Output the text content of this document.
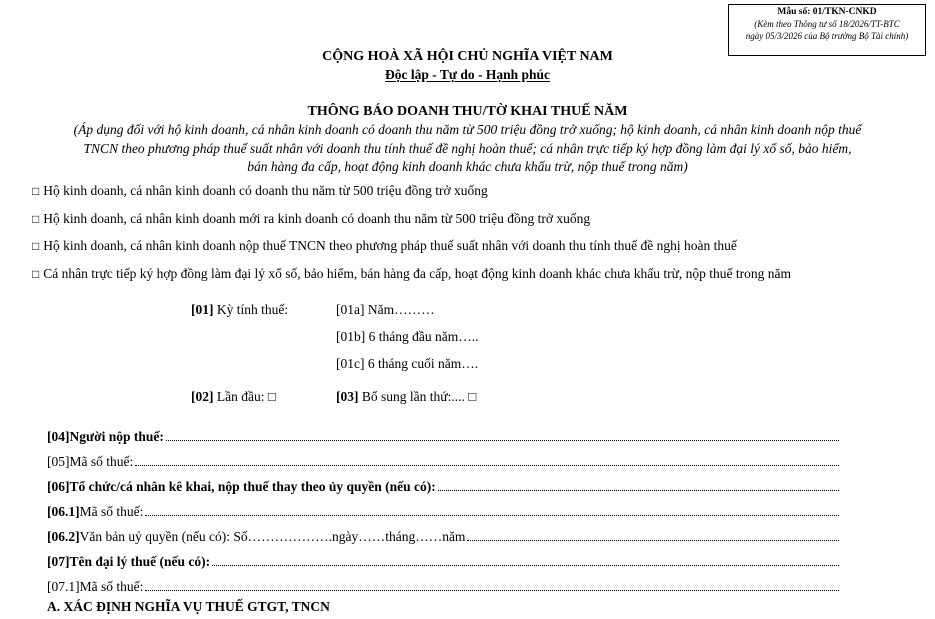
Mẫu số: 01/TKN-CNKD
(Kèm theo Thông tư số 18/2026/TT-BTC
ngày 05/3/2026 của Bộ trưởng Bộ Tài chính)
CỘNG HOÀ XÃ HỘI CHỦ NGHĨA VIỆT NAM
Độc lập - Tự do - Hạnh phúc
THÔNG BÁO DOANH THU/TỜ KHAI THUẾ NĂM
(Áp dụng đối với hộ kinh doanh, cá nhân kinh doanh có doanh thu năm từ 500 triệu đồng trở xuống; hộ kinh doanh, cá nhân kinh doanh nộp thuế
TNCN theo phương pháp thuế suất nhân với doanh thu tính thuế đề nghị hoàn thuế; cá nhân trực tiếp ký hợp đồng làm đại lý xổ số, bảo hiểm,
bán hàng đa cấp, hoạt động kinh doanh khác chưa khấu trừ, nộp thuế trong năm)
□ Hộ kinh doanh, cá nhân kinh doanh có doanh thu năm từ 500 triệu đồng trở xuống
□ Hộ kinh doanh, cá nhân kinh doanh mới ra kinh doanh có doanh thu năm từ 500 triệu đồng trở xuống
□ Hộ kinh doanh, cá nhân kinh doanh nộp thuế TNCN theo phương pháp thuế suất nhân với doanh thu tính thuế đề nghị hoàn thuế
□ Cá nhân trực tiếp ký hợp đồng làm đại lý xổ số, bảo hiểm, bán hàng đa cấp, hoạt động kinh doanh khác chưa khấu trừ, nộp thuế trong năm
[01] Kỳ tính thuế:	[01a] Năm………
[01b] 6 tháng đầu năm…..
[01c] 6 tháng cuối năm….
[02] Lần đầu: □	[03] Bổ sung lần thứ:.... □
[04] Người nộp thuế:
[05] Mã số thuế:
[06] Tổ chức/cá nhân kê khai, nộp thuế thay theo ủy quyền (nếu có):
[06.1] Mã số thuế:
[06.2] Văn bản uỷ quyền (nếu có): Số……………….ngày……tháng……năm
[07] Tên đại lý thuế (nếu có):
[07.1] Mã số thuế:
A. XÁC ĐỊNH NGHĨA VỤ THUẾ GTGT, TNCN
